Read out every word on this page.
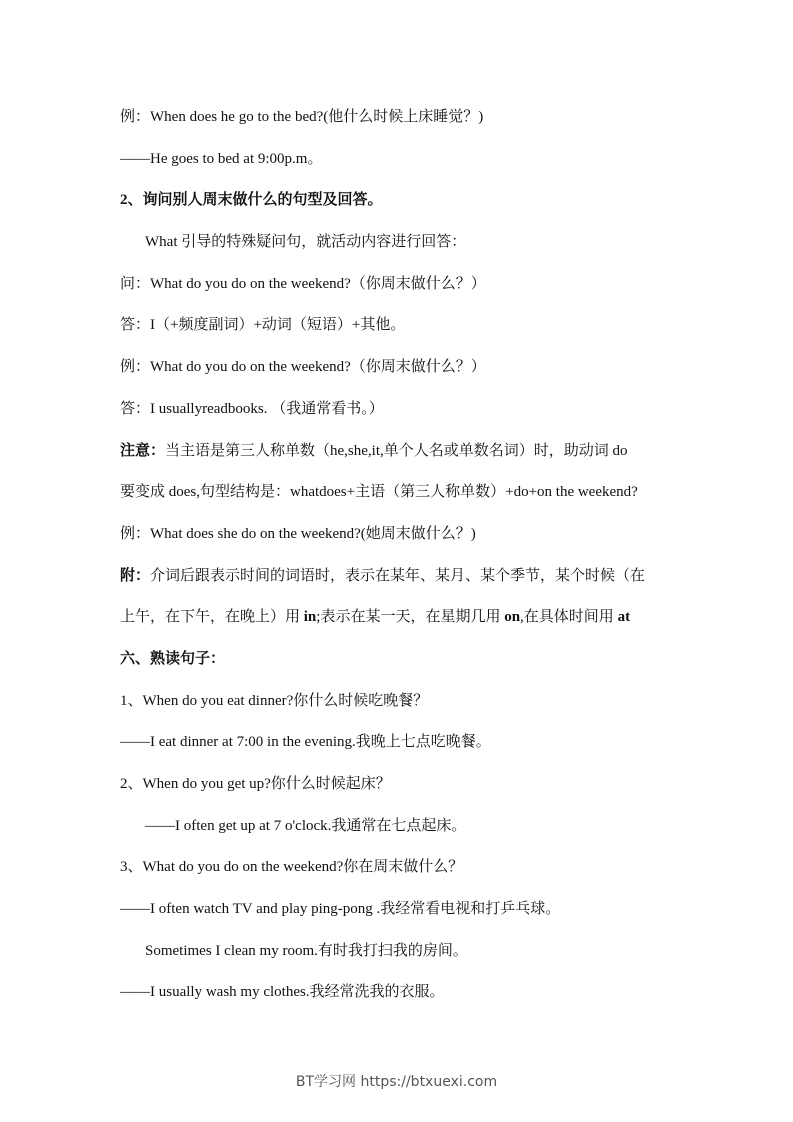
例：When does he go to the bed?(他什么时候上床睡觉？)
——He goes to bed at 9:00p.m。
2、询问别人周末做什么的句型及回答。
What 引导的特殊疑问句，就活动内容进行回答：
问：What do you do on the weekend?（你周末做什么？）
答：I（+频度副词）+动词（短语）+其他。
例：What do you do on the weekend?（你周末做什么？）
答：I usuallyreadbooks. （我通常看书。）
注意：当主语是第三人称单数（he,she,it,单个人名或单数名词）时，助动词 do
要变成 does,句型结构是：whatdoes+主语（第三人称单数）+do+on the weekend?
例：What does she do on the weekend?(她周末做什么？)
附：介词后跟表示时间的词语时，表示在某年、某月、某个季节，某个时候（在
上午，在下午，在晚上）用 in;表示在某一天，在星期几用 on,在具体时间用 at
六、熟读句子：
1、When do you eat dinner?你什么时候吃晚餐？
——I eat dinner at 7:00 in the evening.我晚上七点吃晚餐。
2、When do you get up?你什么时候起床？
——I often get up at 7 o'clock.我通常在七点起床。
3、What do you do on the weekend?你在周末做什么？
——I often watch TV and play ping-pong .我经常看电视和打乒乓球。
Sometimes I clean my room.有时我打扫我的房间。
——I usually wash my clothes.我经常洗我的衣服。
BT学习网 https://btxuexi.com
